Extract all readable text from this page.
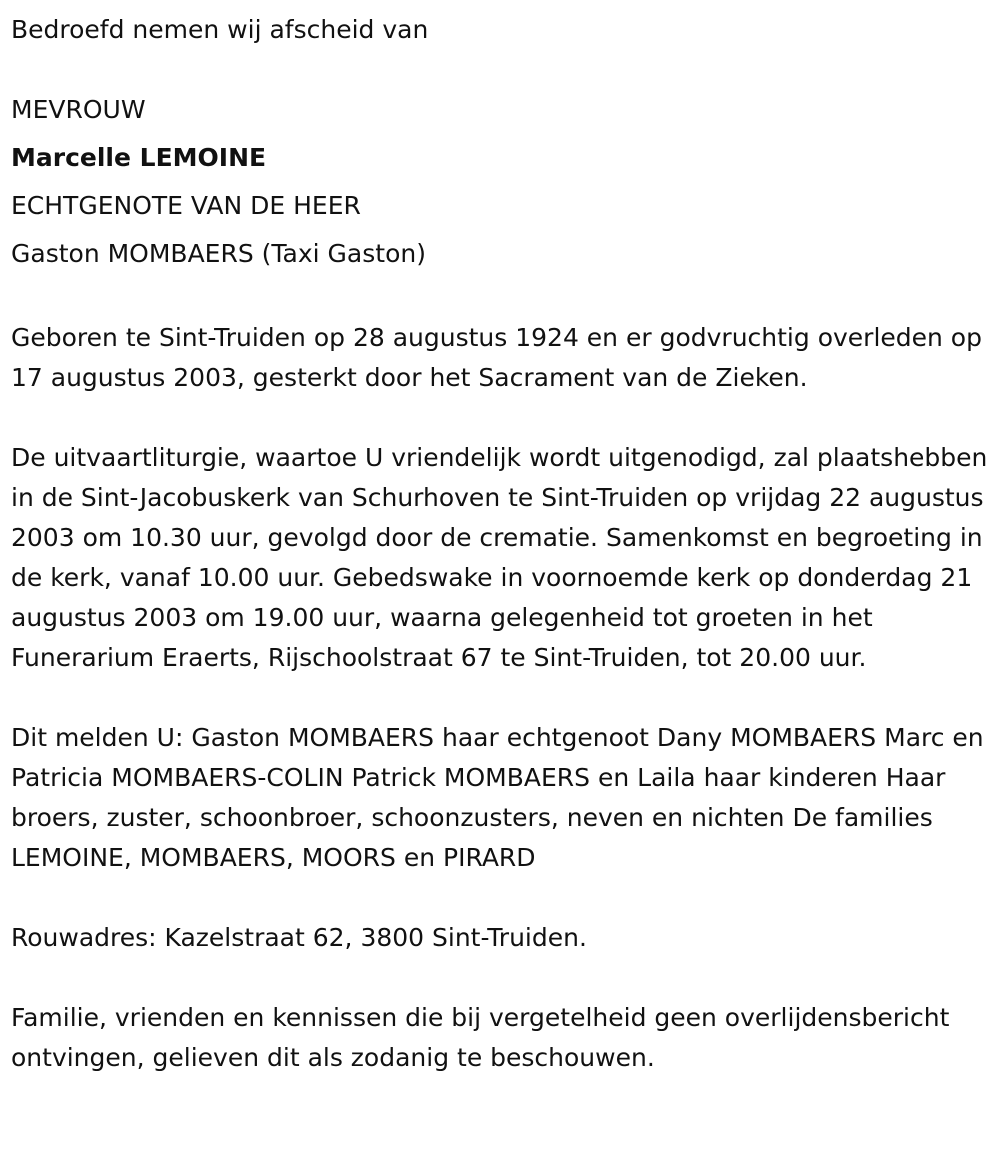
Bedroefd nemen wij afscheid van

MEVROUW

Marcelle LEMOINE

ECHTGENOTE VAN DE HEER

Gaston MOMBAERS (Taxi Gaston)

Geboren te Sint-Truiden op 28 augustus 1924 en er godvruchtig overleden op 17 augustus 2003, gesterkt door het Sacrament van de Zieken.

De uitvaartliturgie, waartoe U vriendelijk wordt uitgenodigd, zal plaatshebben in de Sint-Jacobuskerk van Schurhoven te Sint-Truiden op vrijdag 22 augustus 2003 om 10.30 uur, gevolgd door de crematie. Samenkomst en begroeting in de kerk, vanaf 10.00 uur. Gebedswake in voornoemde kerk op donderdag 21 augustus 2003 om 19.00 uur, waarna gelegenheid tot groeten in het Funerarium Eraerts, Rijschoolstraat 67 te Sint-Truiden, tot 20.00 uur.

Dit melden U: Gaston MOMBAERS haar echtgenoot Dany MOMBAERS Marc en Patricia MOMBAERS-COLIN Patrick MOMBAERS en Laila haar kinderen Haar broers, zuster, schoonbroer, schoonzusters, neven en nichten De families LEMOINE, MOMBAERS, MOORS en PIRARD

Rouwadres: Kazelstraat 62, 3800 Sint-Truiden.

Familie, vrienden en kennissen die bij vergetelheid geen overlijdensbericht ontvingen, gelieven dit als zodanig te beschouwen.
